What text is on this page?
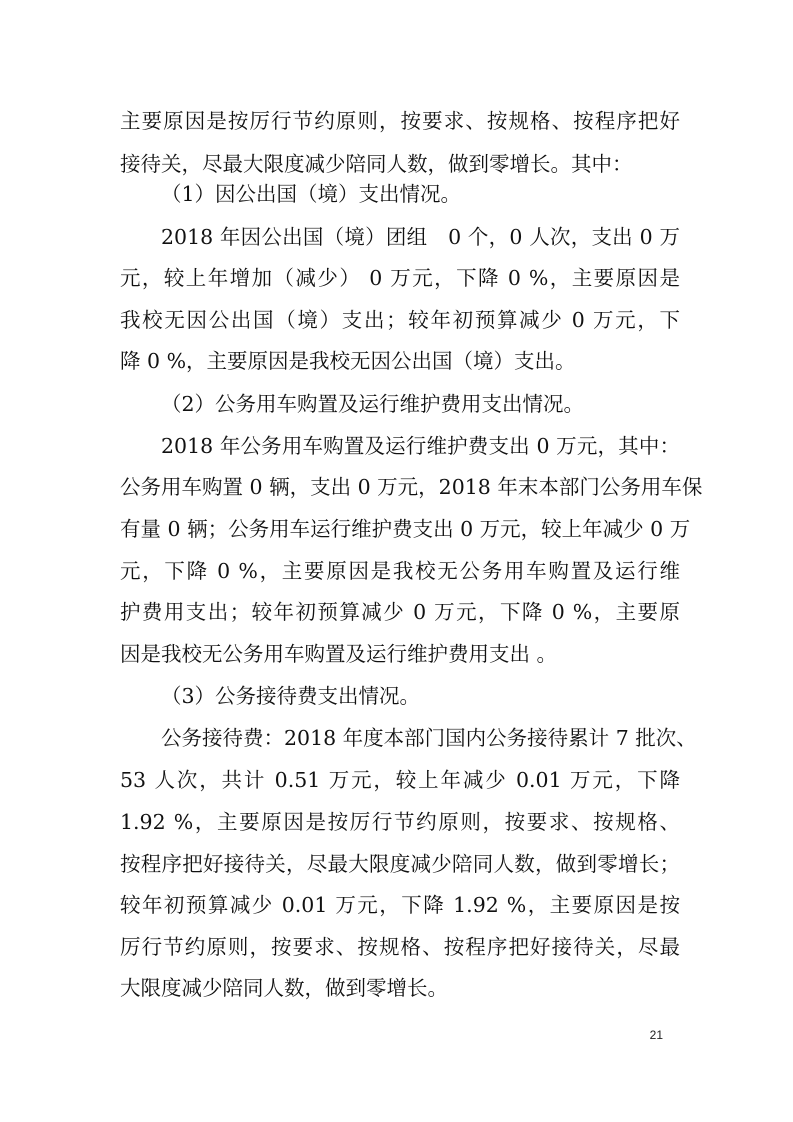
主要原因是按厉行节约原则，按要求、按规格、按程序把好
接待关，尽最大限度减少陪同人数，做到零增长。其中：
（1）因公出国（境）支出情况。
2018 年因公出国（境）团组　0 个，0 人次，支出 0 万
元，较上年增加（减少） 0 万元，下降 0 %，主要原因是
我校无因公出国（境）支出；较年初预算减少 0 万元，下
降 0 %，主要原因是我校无因公出国（境）支出。
（2）公务用车购置及运行维护费用支出情况。
2018 年公务用车购置及运行维护费支出 0 万元，其中：
公务用车购置 0 辆，支出 0 万元，2018 年末本部门公务用车保
有量 0 辆；公务用车运行维护费支出 0 万元，较上年减少 0 万
元，下降 0 %，主要原因是我校无公务用车购置及运行维
护费用支出；较年初预算减少 0 万元，下降 0 %，主要原
因是我校无公务用车购置及运行维护费用支出 。
（3）公务接待费支出情况。
公务接待费：2018 年度本部门国内公务接待累计 7 批次、
53 人次，共计 0.51 万元，较上年减少 0.01 万元，下降
1.92 %，主要原因是按厉行节约原则，按要求、按规格、
按程序把好接待关，尽最大限度减少陪同人数，做到零增长；
较年初预算减少 0.01 万元，下降 1.92 %，主要原因是按
厉行节约原则，按要求、按规格、按程序把好接待关，尽最
大限度减少陪同人数，做到零增长。
21
